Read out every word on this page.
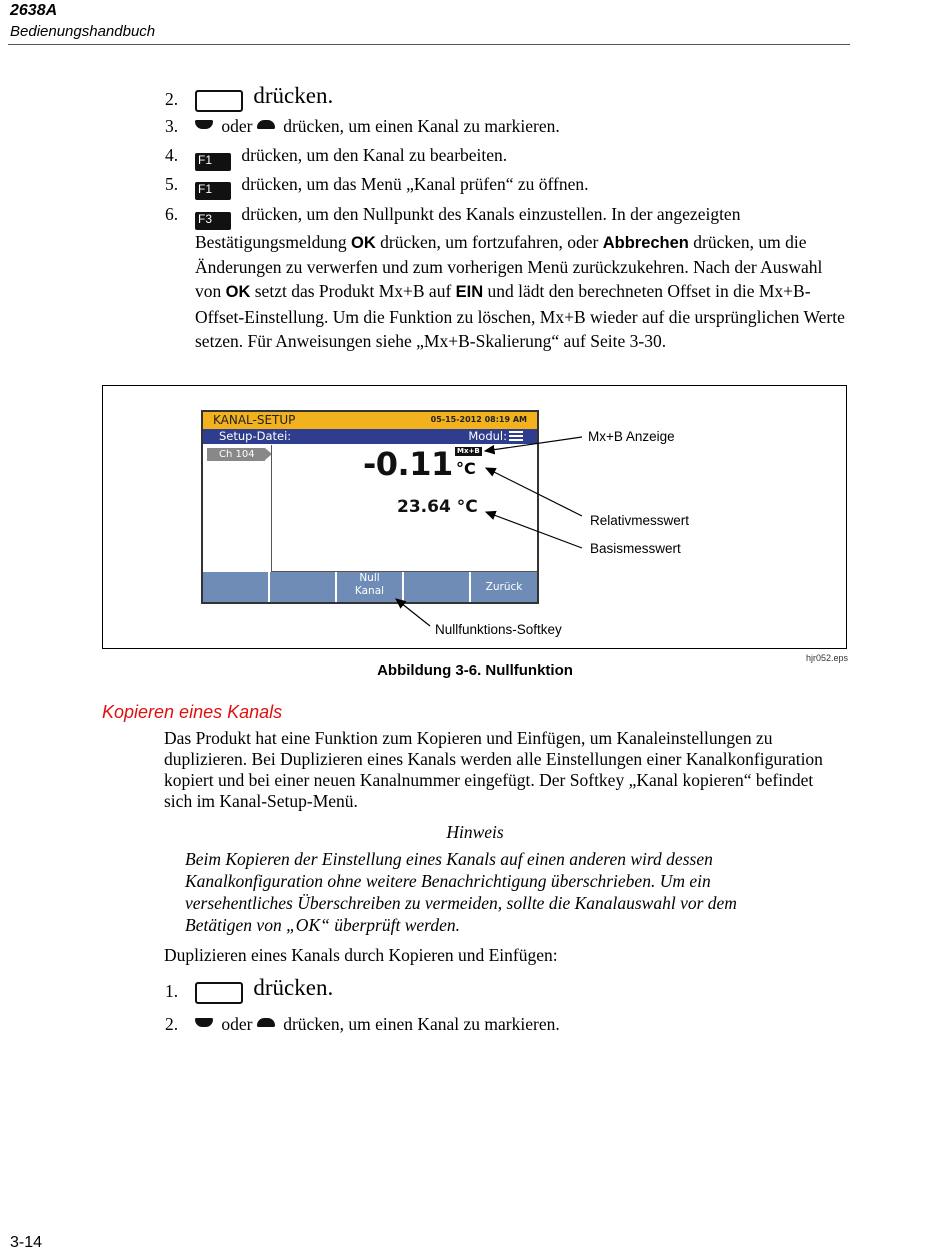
2638A
Bedienungshandbuch
2.	CHANNEL
SETUP drücken.
3.	oder drücken, um einen Kanal zu markieren.
4. F1 drücken, um den Kanal zu bearbeiten.
5. F1 drücken, um das Menü „Kanal prüfen“ zu öffnen.
6. F3 drücken, um den Nullpunkt des Kanals einzustellen. In der angezeigten Bestätigungsmeldung OK drücken, um fortzufahren, oder Abbrechen drücken, um die Änderungen zu verwerfen und zum vorherigen Menü zurückzukehren. Nach der Auswahl von OK setzt das Produkt Mx+B auf EIN und lädt den berechneten Offset in die Mx+B-Offset-Einstellung. Um die Funktion zu löschen, Mx+B wieder auf die ursprünglichen Werte setzen. Für Anweisungen siehe „Mx+B-Skalierung“ auf Seite 3-30.
KANAL-SETUP	05-15-2012 08:19 AM
Setup-Datei:	Modul:
Ch 104	-0.11 Mx+B
°C
23.64 °C
Null
Kanal	Zurück
Mx+B Anzeige
Relativmesswert
Basismesswert
Nullfunktions-Softkey
hjr052.eps
Abbildung 3-6. Nullfunktion
Kopieren eines Kanals
Das Produkt hat eine Funktion zum Kopieren und Einfügen, um Kanaleinstellungen zu duplizieren. Bei Duplizieren eines Kanals werden alle Einstellungen einer Kanalkonfiguration kopiert und bei einer neuen Kanalnummer eingefügt. Der Softkey „Kanal kopieren“ befindet sich im Kanal-Setup-Menü.
Hinweis
Beim Kopieren der Einstellung eines Kanals auf einen anderen wird dessen Kanalkonfiguration ohne weitere Benachrichtigung überschrieben. Um ein versehentliches Überschreiben zu vermeiden, sollte die Kanalauswahl vor dem Betätigen von „OK“ überprüft werden.
Duplizieren eines Kanals durch Kopieren und Einfügen:
1.	CHANNEL
SETUP drücken.
2.	oder drücken, um einen Kanal zu markieren.
3-14
